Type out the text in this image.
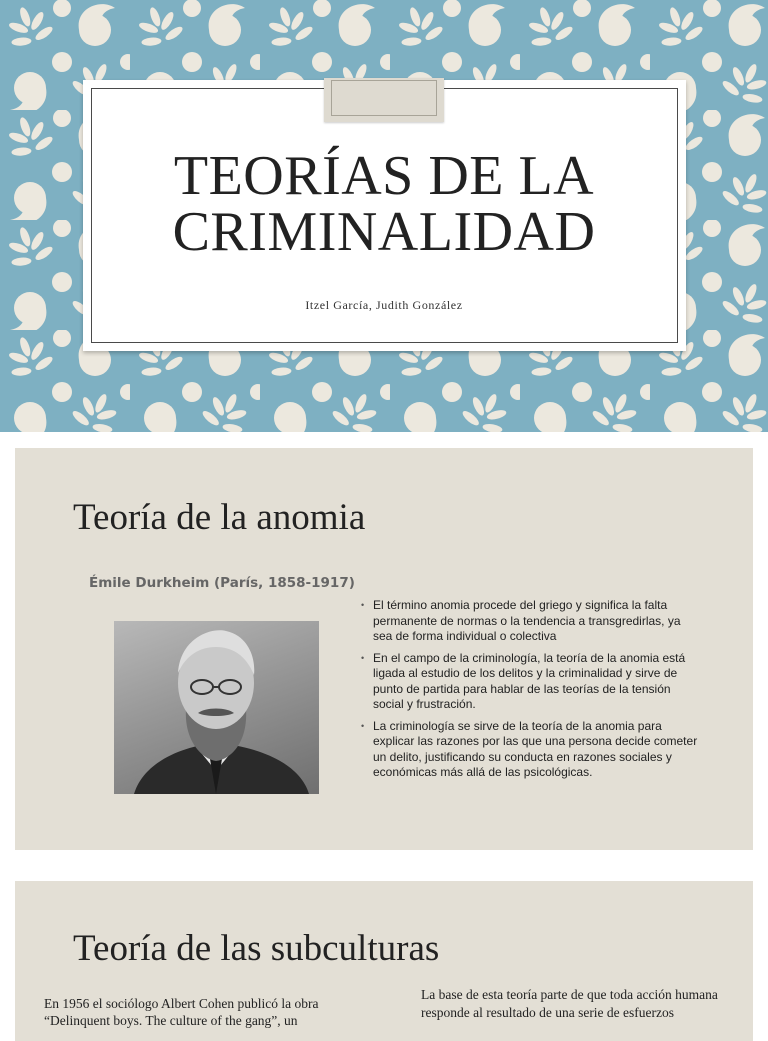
TEORÍAS DE LA
CRIMINALIDAD
Itzel García, Judith González
Teoría de la anomia
Émile Durkheim (París, 1858-1917)
• El término anomia procede del griego y significa la falta permanente de normas o la tendencia a transgredirlas, ya sea de forma individual o colectiva
• En el campo de la criminología, la teoría de la anomia está ligada al estudio de los delitos y la criminalidad y sirve de punto de partida para hablar de las teorías de la tensión social y frustración.
• La criminología se sirve de la teoría de la anomia para explicar las razones por las que una persona decide cometer un delito, justificando su conducta en razones sociales y económicas más allá de las psicológicas.
Teoría de las subculturas
En 1956 el sociólogo Albert Cohen publicó la obra “Delinquent boys. The culture of the gang”, un
La base de esta teoría parte de que toda acción humana responde al resultado de una serie de esfuerzos
